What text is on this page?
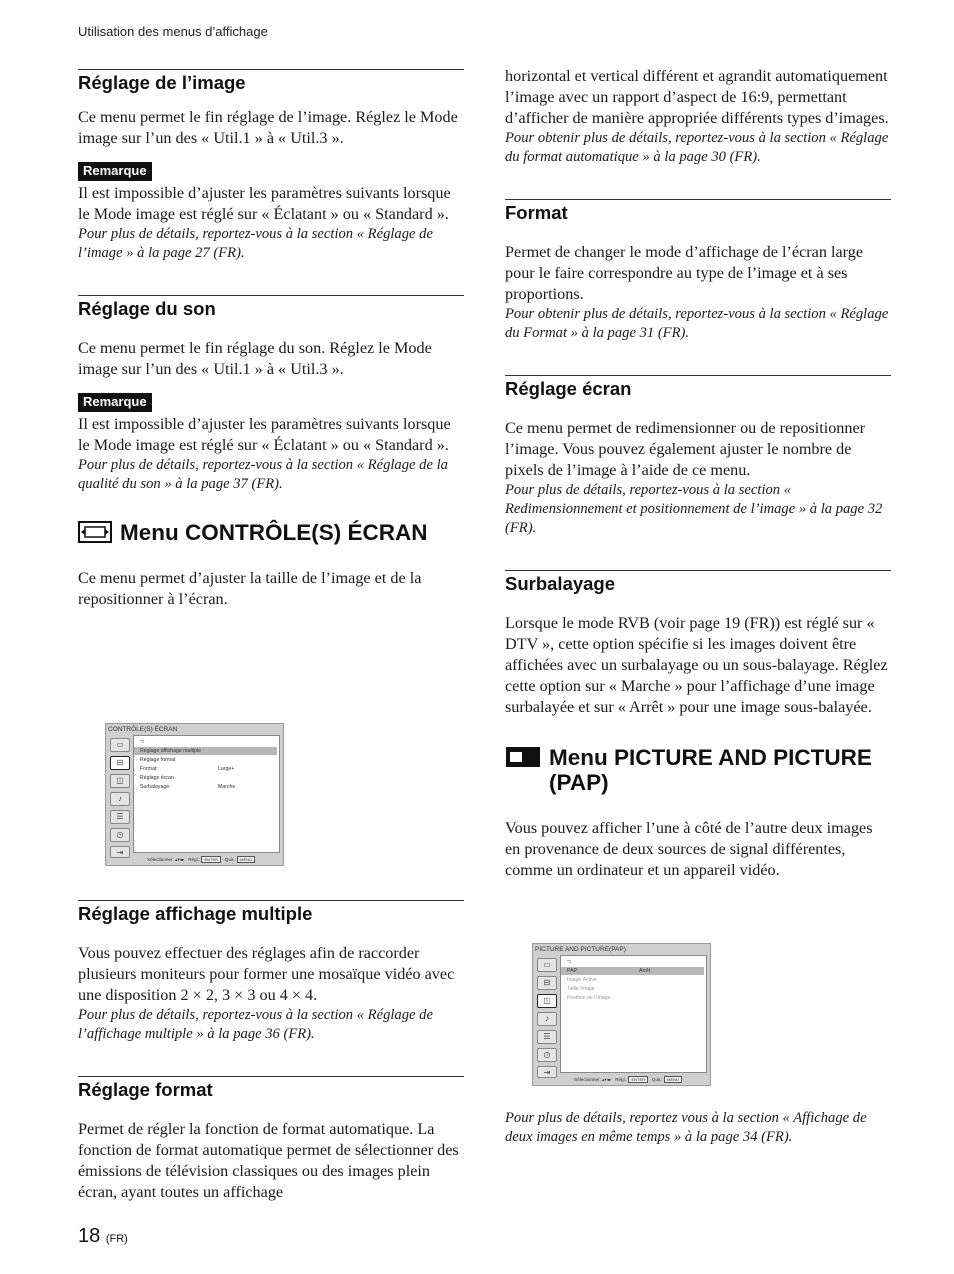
Utilisation des menus d’affichage
Réglage de l’image

Ce menu permet le fin réglage de l’image. Réglez le Mode image sur l’un des « Util.1 » à « Util.3 ».

Remarque

Il est impossible d’ajuster les paramètres suivants lorsque le Mode image est réglé sur « Éclatant » ou « Standard ».

Pour plus de détails, reportez-vous à la section « Réglage de l’image » à la page 27 (FR).

Réglage du son

Ce menu permet le fin réglage du son. Réglez le Mode image sur l’un des « Util.1 » à « Util.3 ».

Remarque

Il est impossible d’ajuster les paramètres suivants lorsque le Mode image est réglé sur « Éclatant » ou « Standard ».

Pour plus de détails, reportez-vous à la section « Réglage de la qualité du son » à la page 37 (FR).

Menu CONTRÔLE(S) ÉCRAN

Ce menu permet d’ajuster la taille de l’image et de la repositionner à l’écran.

CONTRÔLE(S) ÉCRAN
▭
⊟
◫
♪
☰
◷
⇥
⮌
Réglage affichage multiple
Réglage format
Format:	Large+
Réglage écran
Surbalayage:	Marche
Sélectionner: ▴▾◂▸ Régl.: ENTER Quit.: MENU
Réglage affichage multiple

Vous pouvez effectuer des réglages afin de raccorder plusieurs moniteurs pour former une mosaïque vidéo avec une disposition 2 × 2, 3 × 3 ou 4 × 4.

Pour plus de détails, reportez-vous à la section « Réglage de l’affichage multiple » à la page 36 (FR).

Réglage format

Permet de régler la fonction de format automatique. La fonction de format automatique permet de sélectionner des émissions de télévision classiques ou des images plein écran, ayant toutes un affichage

horizontal et vertical différent et agrandit automatiquement l’image avec un rapport d’aspect de 16:9, permettant d’afficher de manière appropriée différents types d’images.

Pour obtenir plus de détails, reportez-vous à la section « Réglage du format automatique » à la page 30 (FR).

Format

Permet de changer le mode d’affichage de l’écran large pour le faire correspondre au type de l’image et à ses proportions.

Pour obtenir plus de détails, reportez-vous à la section « Réglage du Format » à la page 31 (FR).

Réglage écran

Ce menu permet de redimensionner ou de repositionner l’image. Vous pouvez également ajuster le nombre de pixels de l’image à l’aide de ce menu.

Pour plus de détails, reportez-vous à la section « Redimensionnement et positionnement de l’image » à la page 32 (FR).

Surbalayage

Lorsque le mode RVB (voir page 19 (FR)) est réglé sur « DTV », cette option spécifie si les images doivent être affichées avec un surbalayage ou un sous-balayage. Réglez cette option sur « Marche » pour l’affichage d’une image surbalayée et sur « Arrêt » pour une image sous-balayée.

Menu PICTURE AND PICTURE (PAP)

Vous pouvez afficher l’une à côté de l’autre deux images en provenance de deux sources de signal différentes, comme un ordinateur et un appareil vidéo.

PICTURE AND PICTURE(PAP)
▭
⊟
◫
♪
☰
◷
⇥
⮌
PAP:	Arrêt
Image Active
Taille Image
Position de l’image
Sélectionner: ▴▾◂▸ Régl.: ENTER Quit.: MENU

Pour plus de détails, reportez vous à la section « Affichage de deux images en même temps » à la page 34 (FR).

18 (FR)
